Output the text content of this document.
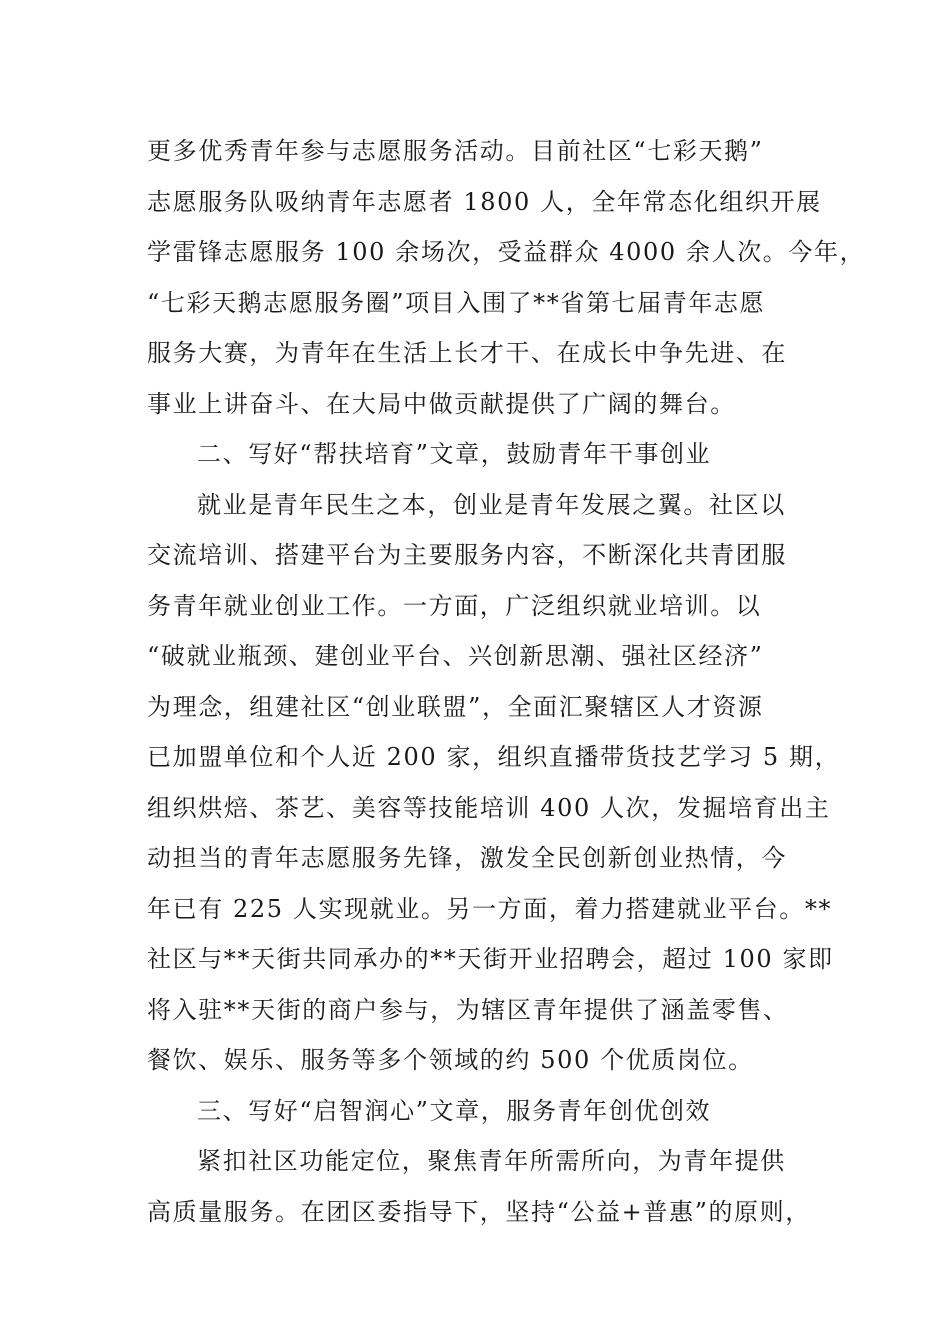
更多优秀青年参与志愿服务活动。目前社区“七彩天鹅”
志愿服务队吸纳青年志愿者 1800 人，全年常态化组织开展
学雷锋志愿服务 100 余场次，受益群众 4000 余人次。今年，
“七彩天鹅志愿服务圈”项目入围了**省第七届青年志愿
服务大赛，为青年在生活上长才干、在成长中争先进、在
事业上讲奋斗、在大局中做贡献提供了广阔的舞台。
二、写好“帮扶培育”文章，鼓励青年干事创业
就业是青年民生之本，创业是青年发展之翼。社区以
交流培训、搭建平台为主要服务内容，不断深化共青团服
务青年就业创业工作。一方面，广泛组织就业培训。以
“破就业瓶颈、建创业平台、兴创新思潮、强社区经济”
为理念，组建社区“创业联盟”，全面汇聚辖区人才资源
已加盟单位和个人近 200 家，组织直播带货技艺学习 5 期，
组织烘焙、茶艺、美容等技能培训 400 人次，发掘培育出主
动担当的青年志愿服务先锋，激发全民创新创业热情，今
年已有 225 人实现就业。另一方面，着力搭建就业平台。**
社区与**天街共同承办的**天街开业招聘会，超过 100 家即
将入驻**天街的商户参与，为辖区青年提供了涵盖零售、
餐饮、娱乐、服务等多个领域的约 500 个优质岗位。
三、写好“启智润心”文章，服务青年创优创效
紧扣社区功能定位，聚焦青年所需所向，为青年提供
高质量服务。在团区委指导下，坚持“公益+普惠”的原则，
